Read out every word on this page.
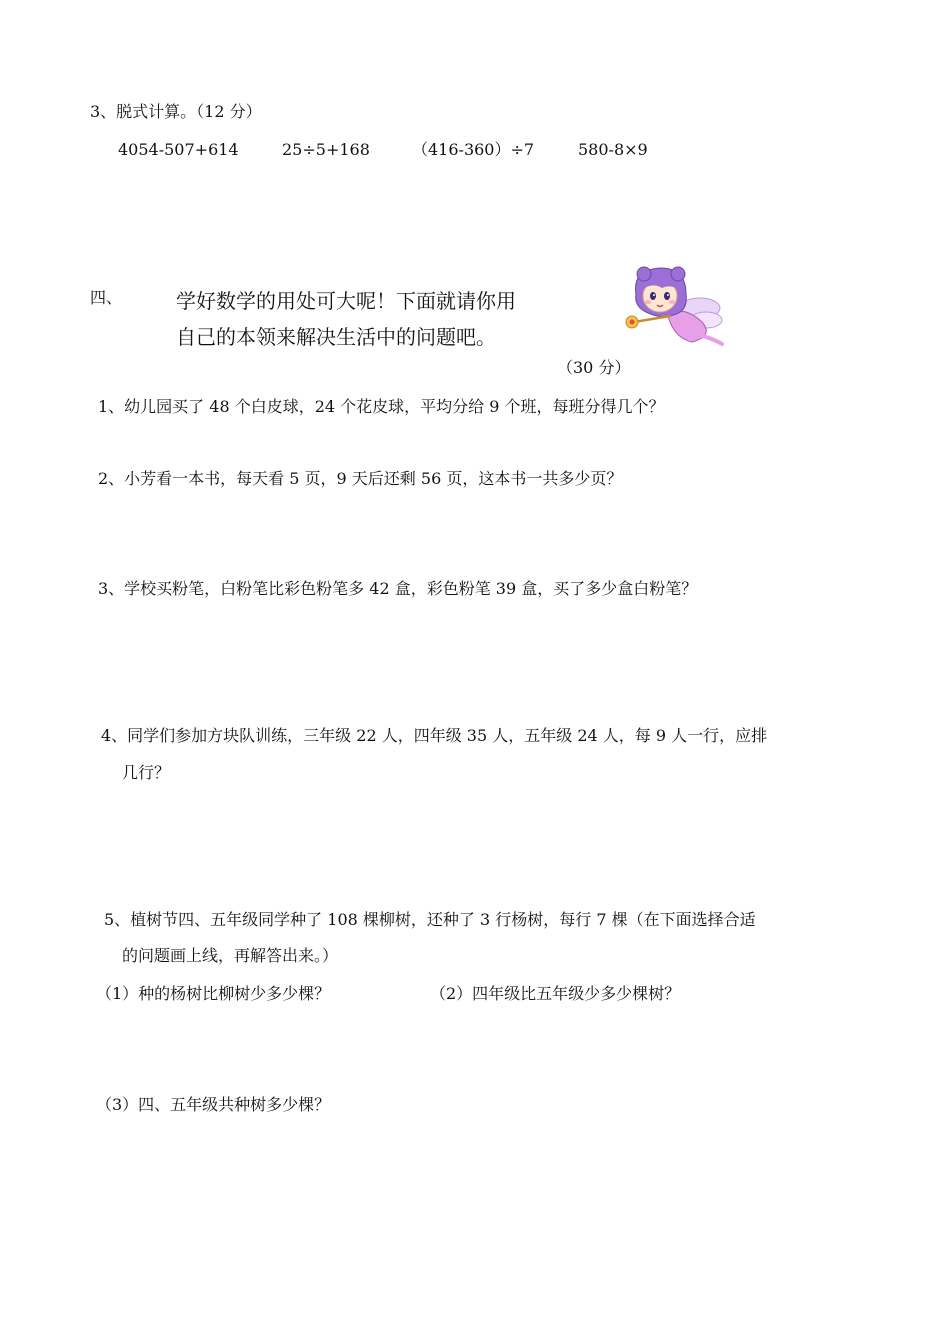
3、脱式计算。（12 分）
4054-507+614	25÷5+168	（416-360）÷7	580-8×9
四、	学好数学的用处可大呢！下面就请你用
自己的本领来解决生活中的问题吧。
（30 分）
1、幼儿园买了 48 个白皮球，24 个花皮球，平均分给 9 个班，每班分得几个？
2、小芳看一本书，每天看 5 页，9 天后还剩 56 页，这本书一共多少页？
3、学校买粉笔，白粉笔比彩色粉笔多 42 盒，彩色粉笔 39 盒，买了多少盒白粉笔？
4、同学们参加方块队训练，三年级 22 人，四年级 35 人，五年级 24 人，每 9 人一行，应排
几行？
5、植树节四、五年级同学种了 108 棵柳树，还种了 3 行杨树，每行 7 棵（在下面选择合适
的问题画上线，再解答出来。）
（1）种的杨树比柳树少多少棵？	（2）四年级比五年级少多少棵树？
（3）四、五年级共种树多少棵？
